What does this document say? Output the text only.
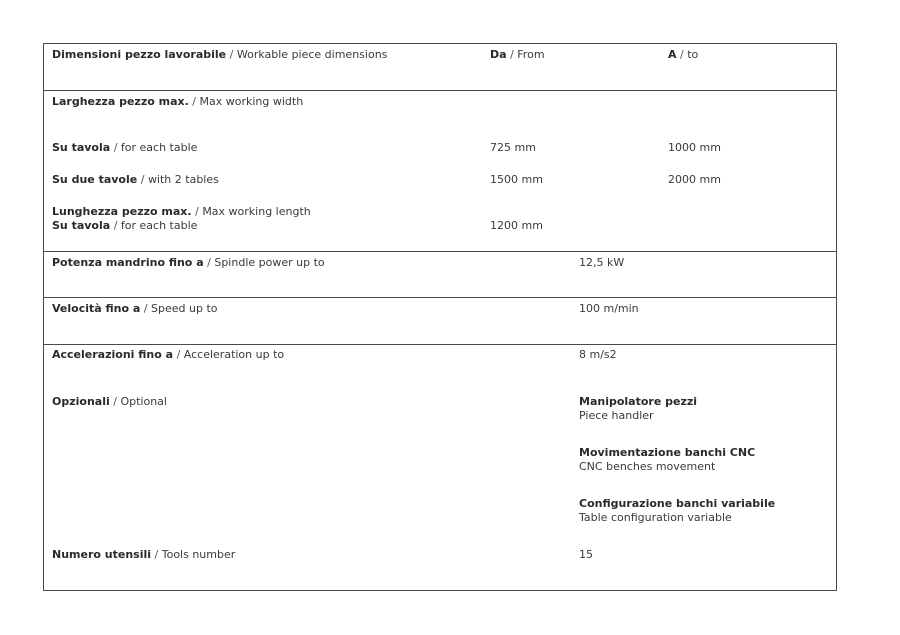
Dimensioni pezzo lavorabile / Workable piece dimensions	Da / From	A / to
Larghezza pezzo max. / Max working width
Su tavola / for each table	725 mm	1000 mm
Su due tavole / with 2 tables	1500 mm	2000 mm
Lunghezza pezzo max. / Max working length
Su tavola / for each table	1200 mm
Potenza mandrino fino a / Spindle power up to	12,5 kW
Velocità fino a / Speed up to	100 m/min
Accelerazioni fino a / Acceleration up to	8 m/s2
Opzionali / Optional	Manipolatore pezzi
Piece handler
Movimentazione banchi CNC
CNC benches movement
Configurazione banchi variabile
Table configuration variable
Numero utensili / Tools number	15
